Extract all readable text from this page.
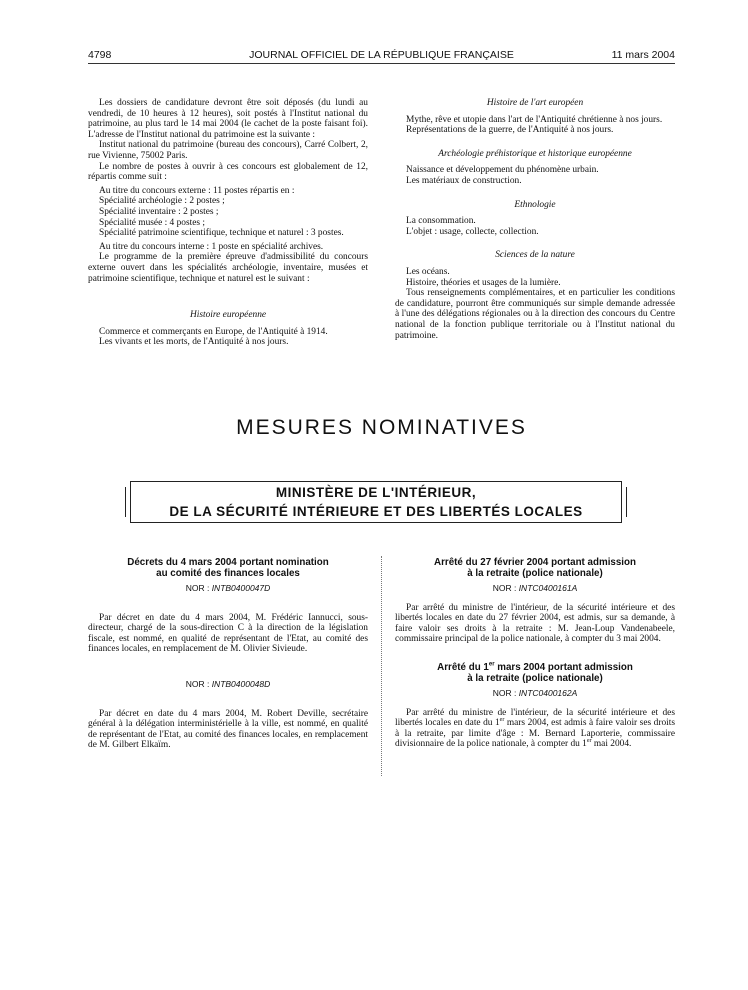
4798	JOURNAL OFFICIEL DE LA RÉPUBLIQUE FRANÇAISE	11 mars 2004

Les dossiers de candidature devront être soit déposés (du lundi au vendredi, de 10 heures à 12 heures), soit postés à l'Institut national du patrimoine, au plus tard le 14 mai 2004 (le cachet de la poste faisant foi). L'adresse de l'Institut national du patrimoine est la suivante :

Institut national du patrimoine (bureau des concours), Carré Colbert, 2, rue Vivienne, 75002 Paris.

Le nombre de postes à ouvrir à ces concours est globalement de 12, répartis comme suit :

Au titre du concours externe : 11 postes répartis en :

Spécialité archéologie : 2 postes ;

Spécialité inventaire : 2 postes ;

Spécialité musée : 4 postes ;

Spécialité patrimoine scientifique, technique et naturel : 3 postes.

Au titre du concours interne : 1 poste en spécialité archives.

Le programme de la première épreuve d'admissibilité du concours externe ouvert dans les spécialités archéologie, inventaire, musées et patrimoine scientifique, technique et naturel est le suivant :

Histoire européenne

Commerce et commerçants en Europe, de l'Antiquité à 1914.

Les vivants et les morts, de l'Antiquité à nos jours.

Histoire de l'art européen

Mythe, rêve et utopie dans l'art de l'Antiquité chrétienne à nos jours.

Représentations de la guerre, de l'Antiquité à nos jours.

Archéologie préhistorique et historique européenne

Naissance et développement du phénomène urbain.

Les matériaux de construction.

Ethnologie

La consommation.

L'objet : usage, collecte, collection.

Sciences de la nature

Les océans.

Histoire, théories et usages de la lumière.

Tous renseignements complémentaires, et en particulier les conditions de candidature, pourront être communiqués sur simple demande adressée à l'une des délégations régionales ou à la direction des concours du Centre national de la fonction publique territoriale ou à l'Institut national du patrimoine.

MESURES NOMINATIVES
MINISTÈRE DE L'INTÉRIEUR,
DE LA SÉCURITÉ INTÉRIEURE ET DES LIBERTÉS LOCALES
Décrets du 4 mars 2004 portant nomination
au comité des finances locales
NOR : INTB0400047D

Par décret en date du 4 mars 2004, M. Frédéric Iannucci, sous-directeur, chargé de la sous-direction C à la direction de la législation fiscale, est nommé, en qualité de représentant de l'Etat, au comité des finances locales, en remplacement de M. Olivier Sivieude.

NOR : INTB0400048D

Par décret en date du 4 mars 2004, M. Robert Deville, secrétaire général à la délégation interministérielle à la ville, est nommé, en qualité de représentant de l'Etat, au comité des finances locales, en remplacement de M. Gilbert Elkaïm.

Arrêté du 27 février 2004 portant admission
à la retraite (police nationale)
NOR : INTC0400161A

Par arrêté du ministre de l'intérieur, de la sécurité intérieure et des libertés locales en date du 27 février 2004, est admis, sur sa demande, à faire valoir ses droits à la retraite : M. Jean-Loup Vandenabeele, commissaire principal de la police nationale, à compter du 3 mai 2004.

Arrêté du 1er mars 2004 portant admission
à la retraite (police nationale)
NOR : INTC0400162A

Par arrêté du ministre de l'intérieur, de la sécurité intérieure et des libertés locales en date du 1er mars 2004, est admis à faire valoir ses droits à la retraite, par limite d'âge : M. Bernard Laporterie, commissaire divisionnaire de la police nationale, à compter du 1er mai 2004.
